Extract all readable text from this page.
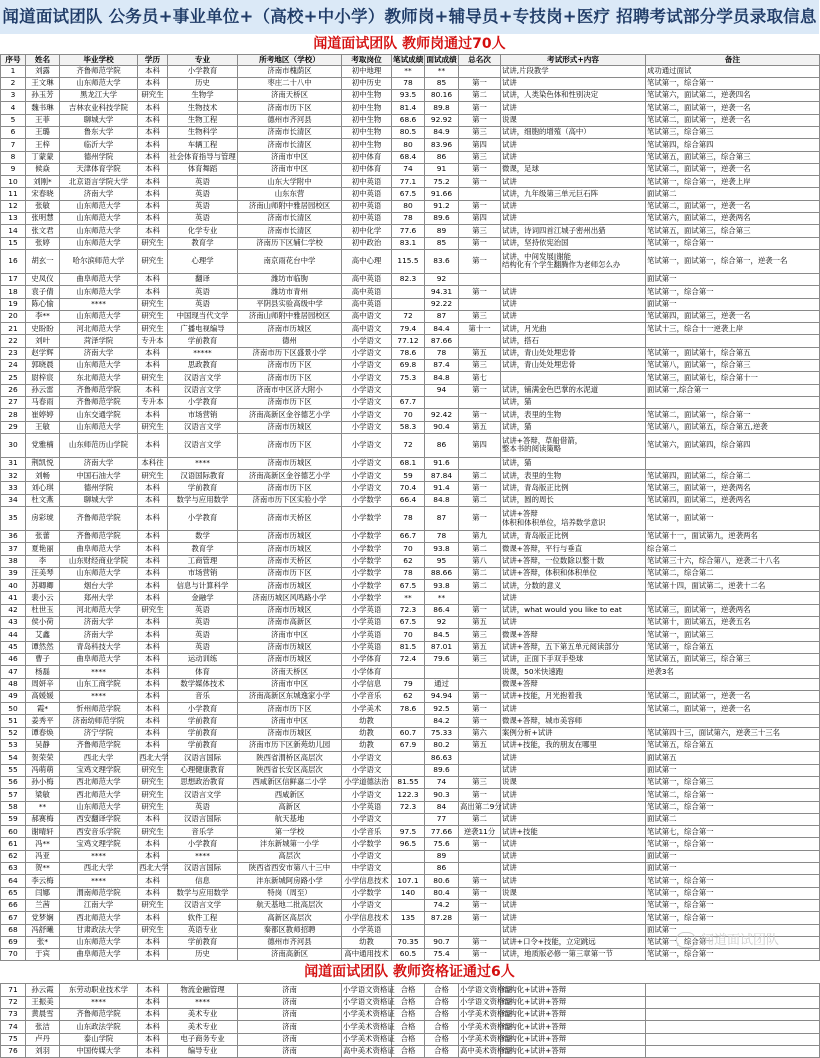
闻道面试团队 公务员+事业单位+（高校+中小学）教师岗+辅导员+专技岗+医疗 招聘考试部分学员录取信息
闻道面试团队 教师岗通过70人
序号	姓名	毕业学校	学历	专业	所考地区（学校）	考取岗位	笔试成绩	面试成绩	总名次	考试形式+内容	备注
1	刘露	齐鲁师范学院	本科	小学教育	济南市槐荫区	初中地理	**	**		试讲,片段教学	成功通过面试
2	王文琳	山东师范大学	本科	历史	枣庄二十八中	初中历史	78	85	第一	试讲	笔试第一，综合第一
3	孙玉芳	黑龙江大学	研究生	生物学	济南天桥区	初中生物	93.5	80.16	第二	试讲，人类染色体和性别决定	笔试第六，面试第二，逆袭四名
4	魏书琳	吉林农业科技学院	本科	生物技术	济南市历下区	初中生物	81.4	89.8	第一	试讲	笔试第二，面试第一，逆袭一名
5	王菲	聊城大学	本科	生物工程	德州市齐河县	初中生物	68.6	92.92	第一	说课	笔试第二，面试第一，逆袭一名
6	王璐	鲁东大学	本科	生物科学	济南市长清区	初中生物	80.5	84.9	第三	试讲，细胞的增殖（高中）	笔试第三，综合第三
7	王梓	临沂大学	本科	车辆工程	济南市长清区	初中生物	80	83.96	第四	试讲	笔试第四，综合第四
8	丁蒙蒙	德州学院	本科	社会体育指导与管理	济南市中区	初中体育	68.4	86	第三	试讲	笔试第五，面试第三，综合第三
9	候焱	天津体育学院	本科	体育舞蹈	济南市中区	初中体育	74	91	第一	微课，足球	笔试第二，面试第一，逆袭一名
10	刘刚*	北京语言学院大学	本科	英语	山东大学附中	初中英语	77.1	75.2	第一	试讲	笔试第一，综合第一，逆袭上岸
11	宋春晓	济南大学	本科	英语	山东东营	初中英语	67.5	91.66		试讲，九年级第三单元巨石阵	面试第二
12	张敏	山东师范大学	本科	英语	济南山师附中雅居园校区	初中英语	80	91.2	第一	试讲	笔试第二，面试第一，逆袭一名
13	张明慧	山东师范大学	本科	英语	济南市长清区	初中英语	78	89.6	第四	试讲	笔试第六，面试第二，逆袭两名
14	张文君	山东师范大学	本科	化学专业	济南市长清区	初中化学	77.6	89	第三	试讲，诗词四首江城子密州出猎	笔试第五，面试第三，综合第三
15	张婷	山东师范大学	研究生	教育学	济南历下区辅仁学校	初中政治	83.1	85	第一	试讲，坚持依宪治国	笔试第一，综合第一
16	胡玄一	哈尔滨师范大学	研究生	心理学	南京雨花台中学	高中心理	115.5	83.6	第一	试讲，中间发展|谢能
结构化有个学生翻腾作为老师怎么办	笔试第一，面试第一，综合第一，逆袭一名
17	史凤仪	曲阜师范大学	本科	翻译	潍坊市临朐	高中英语	82.3	92			面试第一
18	袁子倩	山东师范大学	本科	英语	潍坊市青州	高中英语		94.31	第一	试讲	笔试第一，综合第一
19	陈心愉	****	研究生	英语	平阴县实验高级中学	高中英语		92.22		试讲	面试第一
20	李**	山东师范大学	研究生	中国现当代文学	济南山师附中雅居园校区	高中语文	72	87	第三	试讲	笔试第四，面试第三，逆袭一名
21	史盼盼	河北师范大学	研究生	广播电视编导	济南市历城区	高中语文	79.4	84.4	第十一	试讲，月光曲	笔试十三，综合十一逆袭上岸
22	刘叶	菏泽学院	专升本	学前教育	德州	小学语文	77.12	87.66		试讲，搭石	
23	赵学辉	济南大学	本科	*****	济南市历下区盛景小学	小学语文	78.6	78	第五	试讲，青山处处埋忠骨	笔试第一，面试第十，综合第五
24	郭晓晨	山东师范大学	本科	思政教育	济南市历下区	小学语文	69.8	87.4	第三	试讲，青山处处埋忠骨	笔试第八，面试第一，综合第三
25	尉梓宸	东北师范大学	研究生	汉语言文学	济南市历下区	小学语文	75.3	84.8	第七		笔试第三，面试第七，综合第十一
26	孙云雷	齐鲁师范学院	本科	汉语言文学	济南市中区济大附小	小学语文		94	第一	试讲，铺满金色巴掌的水泥道	面试第一,综合第一
27	马春雨	齐鲁师范学院	专升本	小学教育	济南市历下区	小学语文	67.7			试讲，猫	
28	崔婷婷	山东交通学院	本科	市场营销	济南高新区金谷德艺小学	小学语文	70	92.42	第一	试讲，表里的生物	笔试第二，面试第一，综合第一
29	王敏	山东师范大学	研究生	汉语言文学	济南市历城区	小学语文	58.3	90.4	第五	试讲，猫	笔试第八，面试第五，综合第五,逆袭
30	党雅楠	山东师范历山学院	本科	汉语言文学	济南市历下区	小学语文	72	86	第四	试讲+答辩，草船借箭，
整本书的阅读策略	笔试第六，面试第四，综合第四
31	荆凯悦	济南大学	本科往	****	济南市历城区	小学语文	68.1	91.6		试讲，猫	
32	刘畅	中国石油大学	研究生	汉语国际教育	济南高新区金谷德艺小学	小学语文	59	87.84	第二	试讲，表里的生物	笔试第四，面试第二，综合第二
33	刘心琪	德州学院	本科	学前教育	济南市历下区	小学语文	70.4	91.4	第一	试讲，青岛版正比例	笔试第三，面试第一，逆袭两名
34	杜文燕	聊城大学	本科	数学与应用数学	济南市历下区实验小学	小学数学	66.4	84.8	第二	试讲，圆的周长	笔试第四，面试第二，逆袭两名
35	房彩琥	齐鲁师范学院	本科	小学教育	济南市天桥区	小学数学	78	87	第一	试讲+答辩
体积和体积单位，培养数学意识	笔试第一，面试第一
36	张蕾	齐鲁师范学院	本科	数学	济南市历城区	小学数学	66.7	78	第九	试讲，青岛版正比例	笔试第十一，面试第九，逆袭两名
37	夏艳丽	曲阜师范大学	本科	教育学	济南市历城区	小学数学	70	93.8	第二	微课+答辩，平行与垂直	综合第二
38	李	山东财经商业学院	本科	工商管理	济南市天桥区	小学数学	62	95	第八	试讲+答辩，一位数除以整十数	笔试第三十六，综合第八，逆袭二十八名
39	汪美琴	山东师范大学	本科	市场营销	济南市历下区	小学数学	78	88.66	第二	试讲+答辩，体积和体积单位	笔试第二，综合第二
40	苏卿卿	烟台大学	本科	信息与计算科学	济南市历城区	小学数学	67.5	93.8	第二	试讲，分数的意义	笔试第十四，面试第二，逆袭十二名
41	裴小云	郑州大学	本科	金融学	济南历城区风鸣路小学	小学数学	**	**		试讲	
42	杜世玉	河北师范大学	研究生	英语	济南市历城区	小学英语	72.3	86.4	第一	试讲，what would you like to eat	笔试第三，面试第一，逆袭两名
43	侯小荷	济南大学	本科	英语	济南市高新区	小学英语	67.5	92	第五	试讲	笔试第十，面试第五，逆袭五名
44	艾鑫	济南大学	本科	英语	济南市中区	小学英语	70	84.5	第三	微课+答辩	笔试第一，面试第三
45	谭然然	青岛科技大学	本科	英语	济南市历城区	小学英语	81.5	87.01	第五	试讲+答辩，五下第五单元阅读部分	笔试第一，综合第五
46	曹子	曲阜师范大学	本科	运动训练	济南市历城区	小学体育	72.4	79.6	第三	试讲，正面下手双手垫球	笔试第五，面试第三，综合第三
47	杨磊	****	本科	体育	济南天桥区	小学体育				说课，50米快速跑	逆袭3名
48	周妍辛	山东工商学院	本科	数学媒体技术	济南市中区	小学信息	79	通过		微课+答辩	
49	高媛媛	****	本科	音乐	济南高新区东城逸家小学	小学音乐	62	94.94	第一	试讲+技能，月光抱着我	笔试第二，面试第一，逆袭一名
50	霞*	忻州师范学院	本科	小学教育	济南市历下区	小学美术	78.6	92.5	第一	试讲	笔试第二，面试第一，逆袭一名
51	姜秀平	济南幼师范学院	本科	学前教育	济南市中区	幼教		84.2	第一	微课+答辩，城市美容师	
52	谭春焕	济宁学院	本科	学前教育	济南市历城区	幼教	60.7	75.33	第六	案例分析+试讲	笔试第四十三，面试第六，逆袭三十三名
53	吴静	齐鲁师范学院	本科	学前教育	济南市历下区新苑幼儿园	幼教	67.9	80.2	第五	试讲+技能，我的朋友在哪里	笔试第五，综合第五
54	贺荣荣	西北大学	西北大学	汉语言国际	陕西省渭桥区高层次	小学语文		86.63		试讲	面试第五
55	冯萌萌	宝鸡文理学院	研究生	心理健康教育	陕西省长安区高层次	小学语文		89.6		试讲	面试第一
56	孙小梅	西北师范大学	研究生	思想政治教育	西咸新区信鲜嘉二小学	小学道德法治	81.55	74	第三	说课	笔试第一，综合第三
57	梁敏	西北师范大学	研究生	汉语言文学	西咸新区	小学语文	122.3	90.3	第一	试讲	笔试第二，综合第一
58	**	山东师范大学	研究生	英语	高新区	小学英语	72.3	84	高出第二9分	试讲	笔试第二，综合第一
59	郝赛梅	西安翻译学院	本科	汉语言国际	航天基地	小学语文		77	第二	试讲	面试第二
60	谢晴轩	西安音乐学院	研究生	音乐学	第一学校	小学音乐	97.5	77.66	逆袭11分	试讲+技能	笔试第七，综合第一
61	冯**	宝鸡文理学院	本科	小学教育	沣东新城第一小学	小学数学	96.5	75.6	第一	试讲	笔试第一，综合第一
62	冯亚	****	本科	****	高层次	小学语文		89		试讲	面试第一
63	贺**	西北大学	西北大学	汉语言国际	陕西省西安市第八十三中	中学语文		86		试讲	面试第一
64	李云梅	****	本科	信息	沣东新城阿房路小学	小学信息技术	107.1	80.6	第一	试讲	笔试第一，综合第一
65	闫娜	渭南师范学院	本科	数学与应用数学	特岗（周至）	小学数学	140	80.4	第一	说课	笔试第一，综合第一
66	兰茜	江南大学	研究生	汉语言文学	航天基地二批高层次	小学语文		74.2	第一	试讲	笔试第一，综合第一
67	党梦娴	西北师范大学	本科	软件工程	高新区高层次	小学信息技术	135	87.28	第一	试讲	笔试第一，综合第一
68	冯舒曦	甘肃政法大学	研究生	英语专业	秦都区教师招聘	小学英语				试讲	面试第一
69	张*	山东师范大学	本科	学前教育	德州市齐河县	幼教	70.35	90.7	第一	试讲+口令+技能，立定跳远	笔试第一，综合第一
70	于宾	曲阜师范大学	本科	历史	济南高新区	高中通用技术	60.5	75.4	第一	试讲，地质版必修一第三章第一节	笔试第一，综合第一
闻道面试团队 教师资格证通过6人
71	孙云霞	东劳动职业技术学	本科	物流金融管理	济南	小学语文资格证	合格	合格	小学语文资格证	结构化+试讲+答辩	
72	王振美	****	本科	****	济南	小学语文资格证	合格	合格	小学语文资格证	结构化+试讲+答辩	
73	黄晨雪	齐鲁师范学院	本科	美术专业	济南	小学美术资格证	合格	合格	小学美术资格证	结构化+试讲+答辩	
74	张洁	山东政法学院	本科	美术专业	济南	小学美术资格证	合格	合格	小学美术资格证	结构化+试讲+答辩	
75	卢丹	泰山学院	本科	电子商务专业	济南	小学美术资格证	合格	合格	小学美术资格证	结构化+试讲+答辩	
76	刘羽	中国传媒大学	本科	编导专业	济南	高中美术资格证	合格	合格	高中美术资格证	结构化+试讲+答辩	
闻道面试团队
